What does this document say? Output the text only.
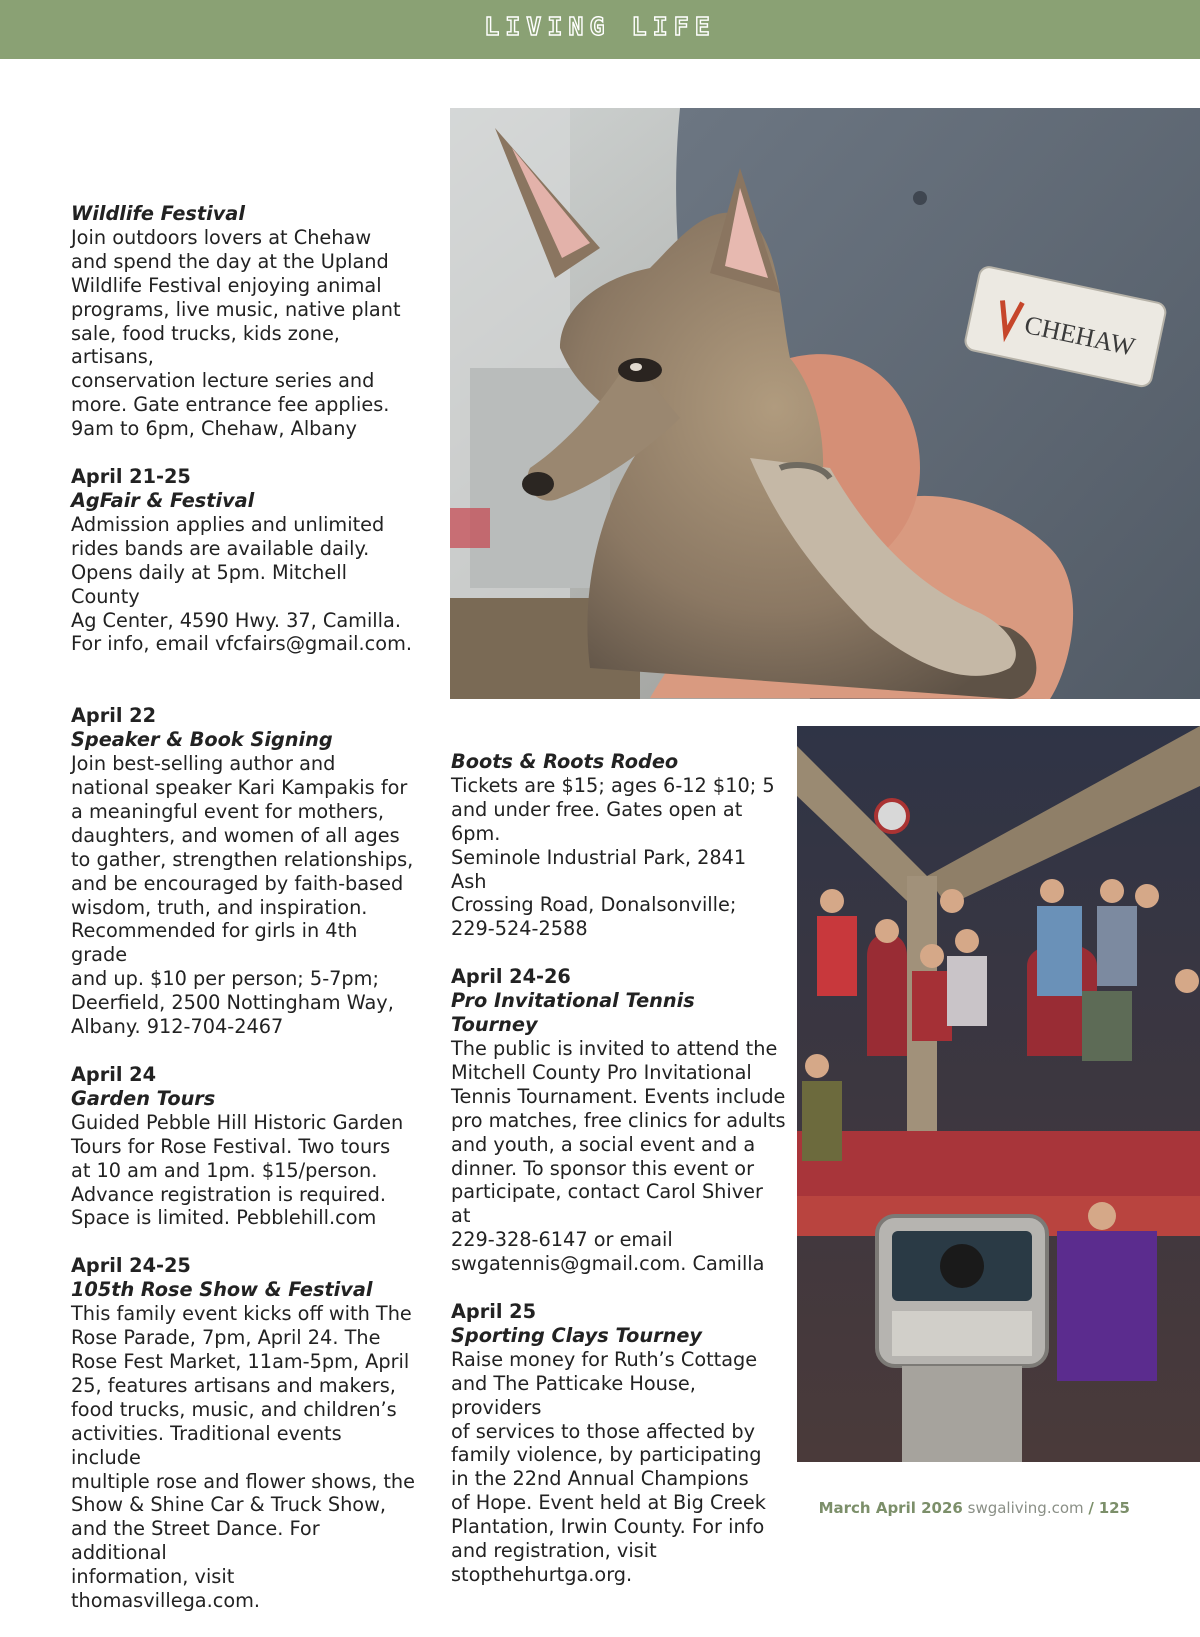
LIVING LIFE
Wildlife Festival
Join outdoors lovers at Chehaw
and spend the day at the Upland
Wildlife Festival enjoying animal
programs, live music, native plant
sale, food trucks, kids zone, artisans,
conservation lecture series and
more. Gate entrance fee applies.
9am to 6pm, Chehaw, Albany
April 21-25
AgFair & Festival
Admission applies and unlimited
rides bands are available daily.
Opens daily at 5pm. Mitchell County
Ag Center, 4590 Hwy. 37, Camilla.
For info, email vfcfairs@gmail.com.
April 22
Speaker & Book Signing
Join best-selling author and
national speaker Kari Kampakis for
a meaningful event for mothers,
daughters, and women of all ages
to gather, strengthen relationships,
and be encouraged by faith-based
wisdom, truth, and inspiration.
Recommended for girls in 4th grade
and up. $10 per person; 5-7pm;
Deerfield, 2500 Nottingham Way,
Albany. 912-704-2467
April 24
Garden Tours
Guided Pebble Hill Historic Garden
Tours for Rose Festival. Two tours
at 10 am and 1pm. $15/person.
Advance registration is required.
Space is limited. Pebblehill.com
April 24-25
105th Rose Show & Festival
This family event kicks off with The
Rose Parade, 7pm, April 24. The
Rose Fest Market, 11am-5pm, April
25, features artisans and makers,
food trucks, music, and children’s
activities. Traditional events include
multiple rose and flower shows, the
Show & Shine Car & Truck Show,
and the Street Dance. For additional
information, visit thomasvillega.com.
CHEHAW
Boots & Roots Rodeo
Tickets are $15; ages 6-12 $10; 5
and under free. Gates open at 6pm.
Seminole Industrial Park, 2841 Ash
Crossing Road, Donalsonville;
229-524-2588
April 24-26
Pro Invitational Tennis Tourney
The public is invited to attend the
Mitchell County Pro Invitational
Tennis Tournament. Events include
pro matches, free clinics for adults
and youth, a social event and a
dinner. To sponsor this event or
participate, contact Carol Shiver at
229-328-6147 or email
swgatennis@gmail.com. Camilla
April 25
Sporting Clays Tourney
Raise money for Ruth’s Cottage
and The Patticake House, providers
of services to those affected by
family violence, by participating
in the 22nd Annual Champions
of Hope. Event held at Big Creek
Plantation, Irwin County. For info
and registration, visit
stopthehurtga.org.
March April 2026 swgaliving.com / 125
